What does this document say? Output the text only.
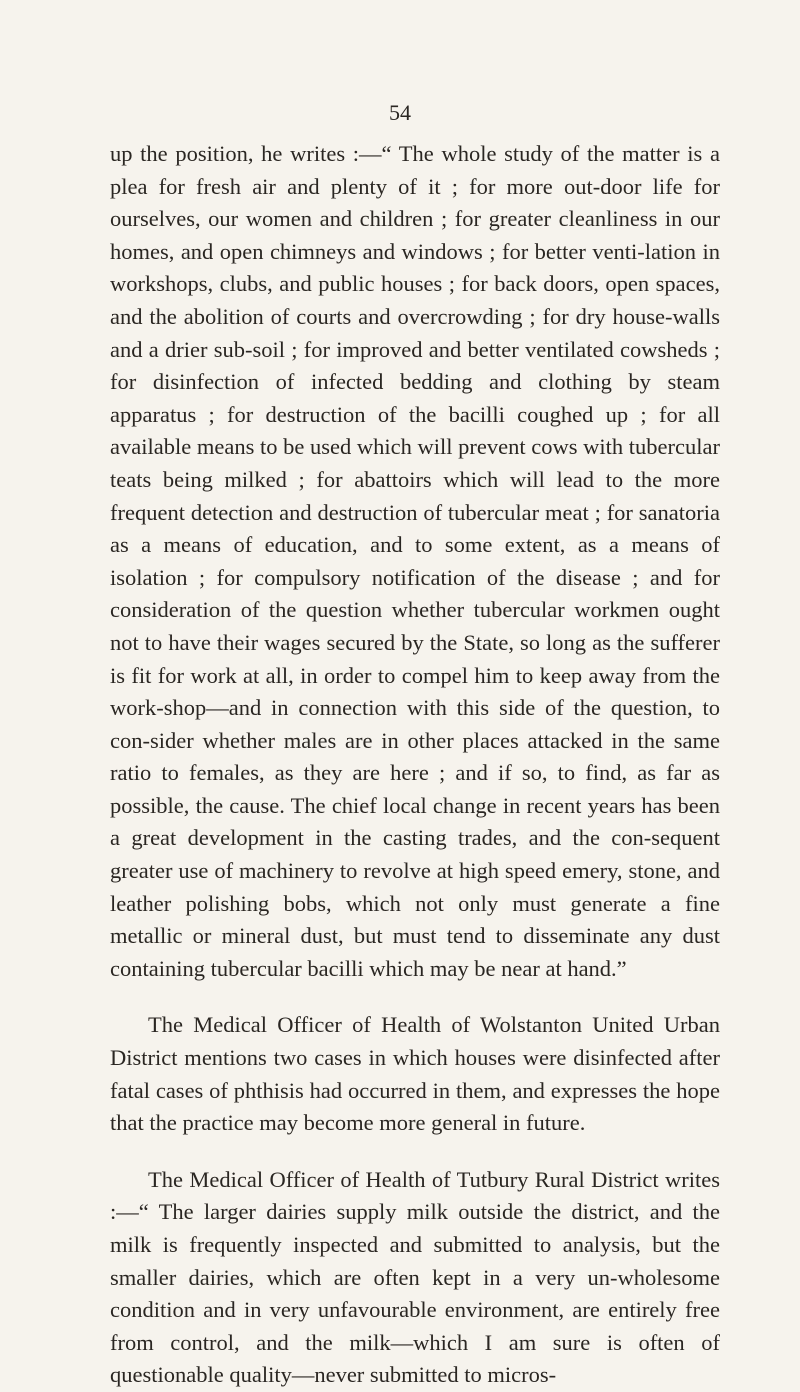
54

up the position, he writes :—“ The whole study of the matter is a plea for fresh air and plenty of it ; for more out-door life for ourselves, our women and children ; for greater cleanliness in our homes, and open chimneys and windows ; for better venti-lation in workshops, clubs, and public houses ; for back doors, open spaces, and the abolition of courts and overcrowding ; for dry house-walls and a drier sub-soil ; for improved and better ventilated cowsheds ; for disinfection of infected bedding and clothing by steam apparatus ; for destruction of the bacilli coughed up ; for all available means to be used which will prevent cows with tubercular teats being milked ; for abattoirs which will lead to the more frequent detection and destruction of tubercular meat ; for sanatoria as a means of education, and to some extent, as a means of isolation ; for compulsory notification of the disease ; and for consideration of the question whether tubercular workmen ought not to have their wages secured by the State, so long as the sufferer is fit for work at all, in order to compel him to keep away from the work-shop—and in connection with this side of the question, to con-sider whether males are in other places attacked in the same ratio to females, as they are here ; and if so, to find, as far as possible, the cause. The chief local change in recent years has been a great development in the casting trades, and the con-sequent greater use of machinery to revolve at high speed emery, stone, and leather polishing bobs, which not only must generate a fine metallic or mineral dust, but must tend to disseminate any dust containing tubercular bacilli which may be near at hand.”

The Medical Officer of Health of Wolstanton United Urban District mentions two cases in which houses were disinfected after fatal cases of phthisis had occurred in them, and expresses the hope that the practice may become more general in future.

The Medical Officer of Health of Tutbury Rural District writes :—“ The larger dairies supply milk outside the district, and the milk is frequently inspected and submitted to analysis, but the smaller dairies, which are often kept in a very un-wholesome condition and in very unfavourable environment, are entirely free from control, and the milk—which I am sure is often of questionable quality—never submitted to micros-
